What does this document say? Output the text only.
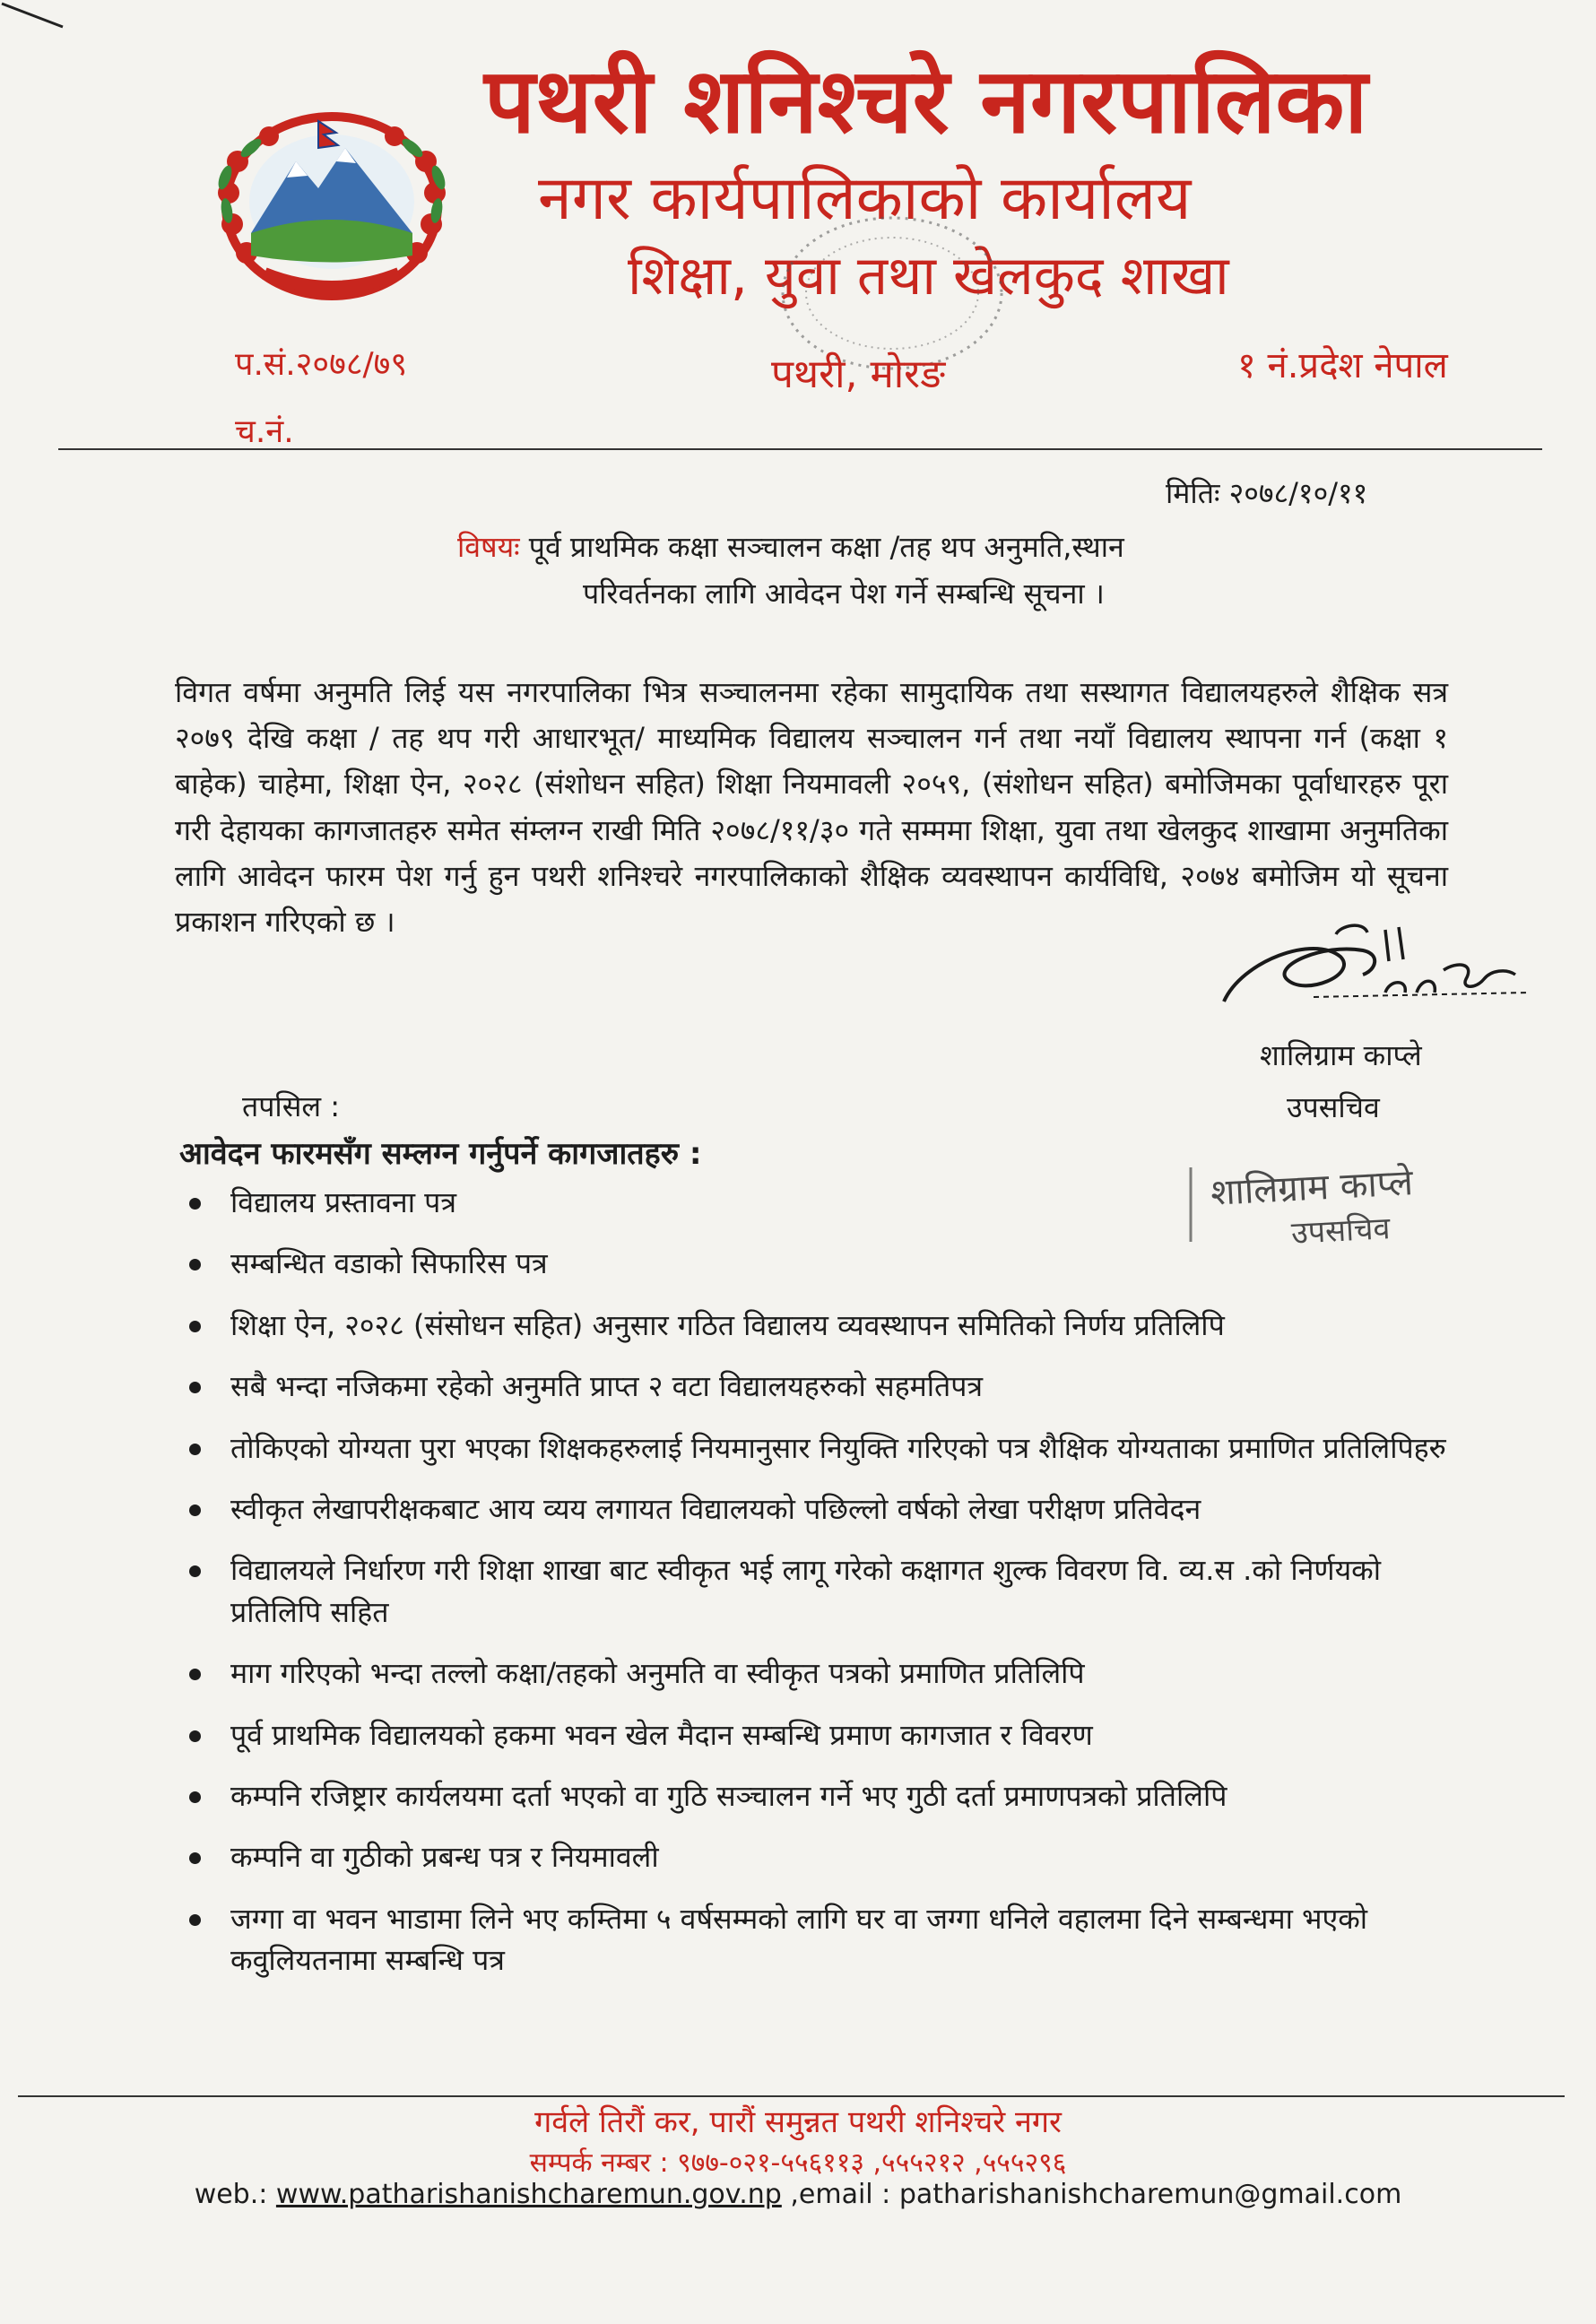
पथरी शनिश्चरे नगरपालिका
नगर कार्यपालिकाको कार्यालय
शिक्षा, युवा तथा खेलकुद शाखा
प.सं.२०७८/७९
च.नं.
पथरी, मोरङ	१ नं.प्रदेश नेपाल
मितिः २०७८/१०/११
विषयः पूर्व प्राथमिक कक्षा सञ्चालन कक्षा /तह थप अनुमति,स्थान
परिवर्तनका लागि आवेदन पेश गर्ने सम्बन्धि सूचना ।
विगत वर्षमा अनुमति लिई यस नगरपालिका भित्र सञ्चालनमा रहेका सामुदायिक तथा सस्थागत विद्यालयहरुले शैक्षिक सत्र २०७९ देखि कक्षा / तह थप गरी आधारभूत/ माध्यमिक विद्यालय सञ्चालन गर्न तथा नयाँ विद्यालय स्थापना गर्न (कक्षा १ बाहेक) चाहेमा, शिक्षा ऐन, २०२८ (संशोधन सहित) शिक्षा नियमावली २०५९, (संशोधन सहित) बमोजिमका पूर्वाधारहरु पूरा गरी देहायका कागजातहरु समेत संम्लग्न राखी मिति २०७८/११/३० गते सम्ममा शिक्षा, युवा तथा खेलकुद शाखामा अनुमतिका लागि आवेदन फारम पेश गर्नु हुन पथरी शनिश्चरे नगरपालिकाको शैक्षिक व्यवस्थापन कार्यविधि, २०७४ बमोजिम यो सूचना प्रकाशन गरिएको छ ।
शालिग्राम काप्ले
उपसचिव
तपसिल :
आवेदन फारमसँग सम्लग्न गर्नुपर्ने कागजातहरु :
शालिग्राम काप्ले
उपसचिव
विद्यालय प्रस्तावना पत्र
सम्बन्धित वडाको सिफारिस पत्र
शिक्षा ऐन, २०२८ (संसोधन सहित) अनुसार गठित विद्यालय व्यवस्थापन समितिको निर्णय प्रतिलिपि
सबै भन्दा नजिकमा रहेको अनुमति प्राप्त २ वटा विद्यालयहरुको सहमतिपत्र
तोकिएको योग्यता पुरा भएका शिक्षकहरुलाई नियमानुसार नियुक्ति गरिएको पत्र शैक्षिक योग्यताका प्रमाणित प्रतिलिपिहरु
स्वीकृत लेखापरीक्षकबाट आय व्यय लगायत विद्यालयको पछिल्लो वर्षको लेखा परीक्षण प्रतिवेदन
विद्यालयले निर्धारण गरी शिक्षा शाखा बाट स्वीकृत भई लागू गरेको कक्षागत शुल्क विवरण वि. व्य.स .को निर्णयको प्रतिलिपि सहित
माग गरिएको भन्दा तल्लो कक्षा/तहको अनुमति वा स्वीकृत पत्रको प्रमाणित प्रतिलिपि
पूर्व प्राथमिक विद्यालयको हकमा भवन खेल मैदान सम्बन्धि प्रमाण कागजात र विवरण
कम्पनि रजिष्ट्रार कार्यलयमा दर्ता भएको वा गुठि सञ्चालन गर्ने भए गुठी दर्ता प्रमाणपत्रको प्रतिलिपि
कम्पनि वा गुठीको प्रबन्ध पत्र र नियमावली
जग्गा वा भवन भाडामा लिने भए कम्तिमा ५ वर्षसम्मको लागि घर वा जग्गा धनिले वहालमा दिने सम्बन्धमा भएको कवुलियतनामा सम्बन्धि पत्र
गर्वले तिरौं कर, पारौं समुन्नत पथरी शनिश्चरे नगर
सम्पर्क नम्बर : ९७७-०२१-५५६११३ ,५५५२१२ ,५५५२९६
web.: www.patharishanishcharemun.gov.np ,email : patharishanishcharemun@gmail.com
